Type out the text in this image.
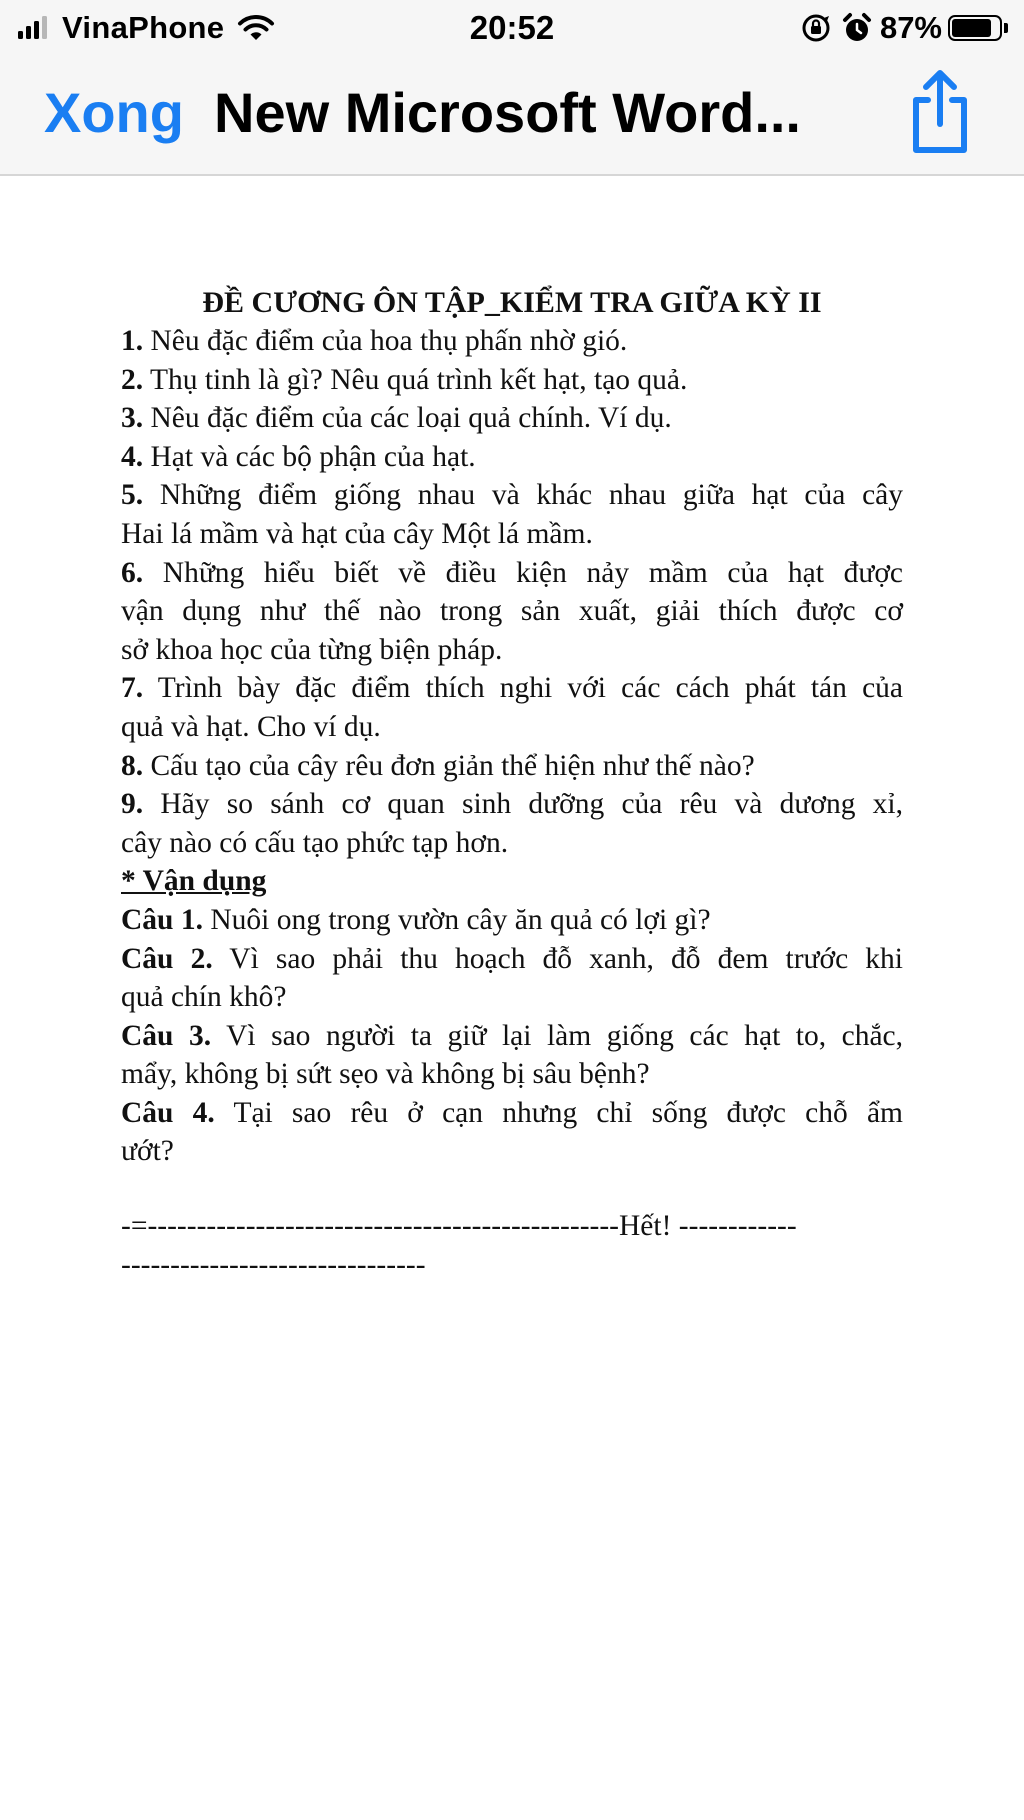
VinaPhone	20:52	87%
Xong New Microsoft Word...
ĐỀ CƯƠNG ÔN TẬP_KIỂM TRA GIỮA KỲ II
1. Nêu đặc điểm của hoa thụ phấn nhờ gió.
2. Thụ tinh là gì? Nêu quá trình kết hạt, tạo quả.
3. Nêu đặc điểm của các loại quả chính. Ví dụ.
4. Hạt và các bộ phận của hạt.
5. Những điểm giống nhau và khác nhau giữa hạt của cây
Hai lá mầm và hạt của cây Một lá mầm.
6. Những hiểu biết về điều kiện nảy mầm của hạt được
vận dụng như thế nào trong sản xuất, giải thích được cơ
sở khoa học của từng biện pháp.
7. Trình bày đặc điểm thích nghi với các cách phát tán của
quả và hạt. Cho ví dụ.
8. Cấu tạo của cây rêu đơn giản thể hiện như thế nào?
9. Hãy so sánh cơ quan sinh dưỡng của rêu và dương xỉ,
cây nào có cấu tạo phức tạp hơn.
* Vận dụng
Câu 1. Nuôi ong trong vườn cây ăn quả có lợi gì?
Câu 2. Vì sao phải thu hoạch đỗ xanh, đỗ đem trước khi
quả chín khô?
Câu 3. Vì sao người ta giữ lại làm giống các hạt to, chắc,
mẩy, không bị sứt sẹo và không bị sâu bệnh?
Câu 4. Tại sao rêu ở cạn nhưng chỉ sống được chỗ ẩm
ướt?
-=------------------------------------------------Hết! ------------
-------------------------------
